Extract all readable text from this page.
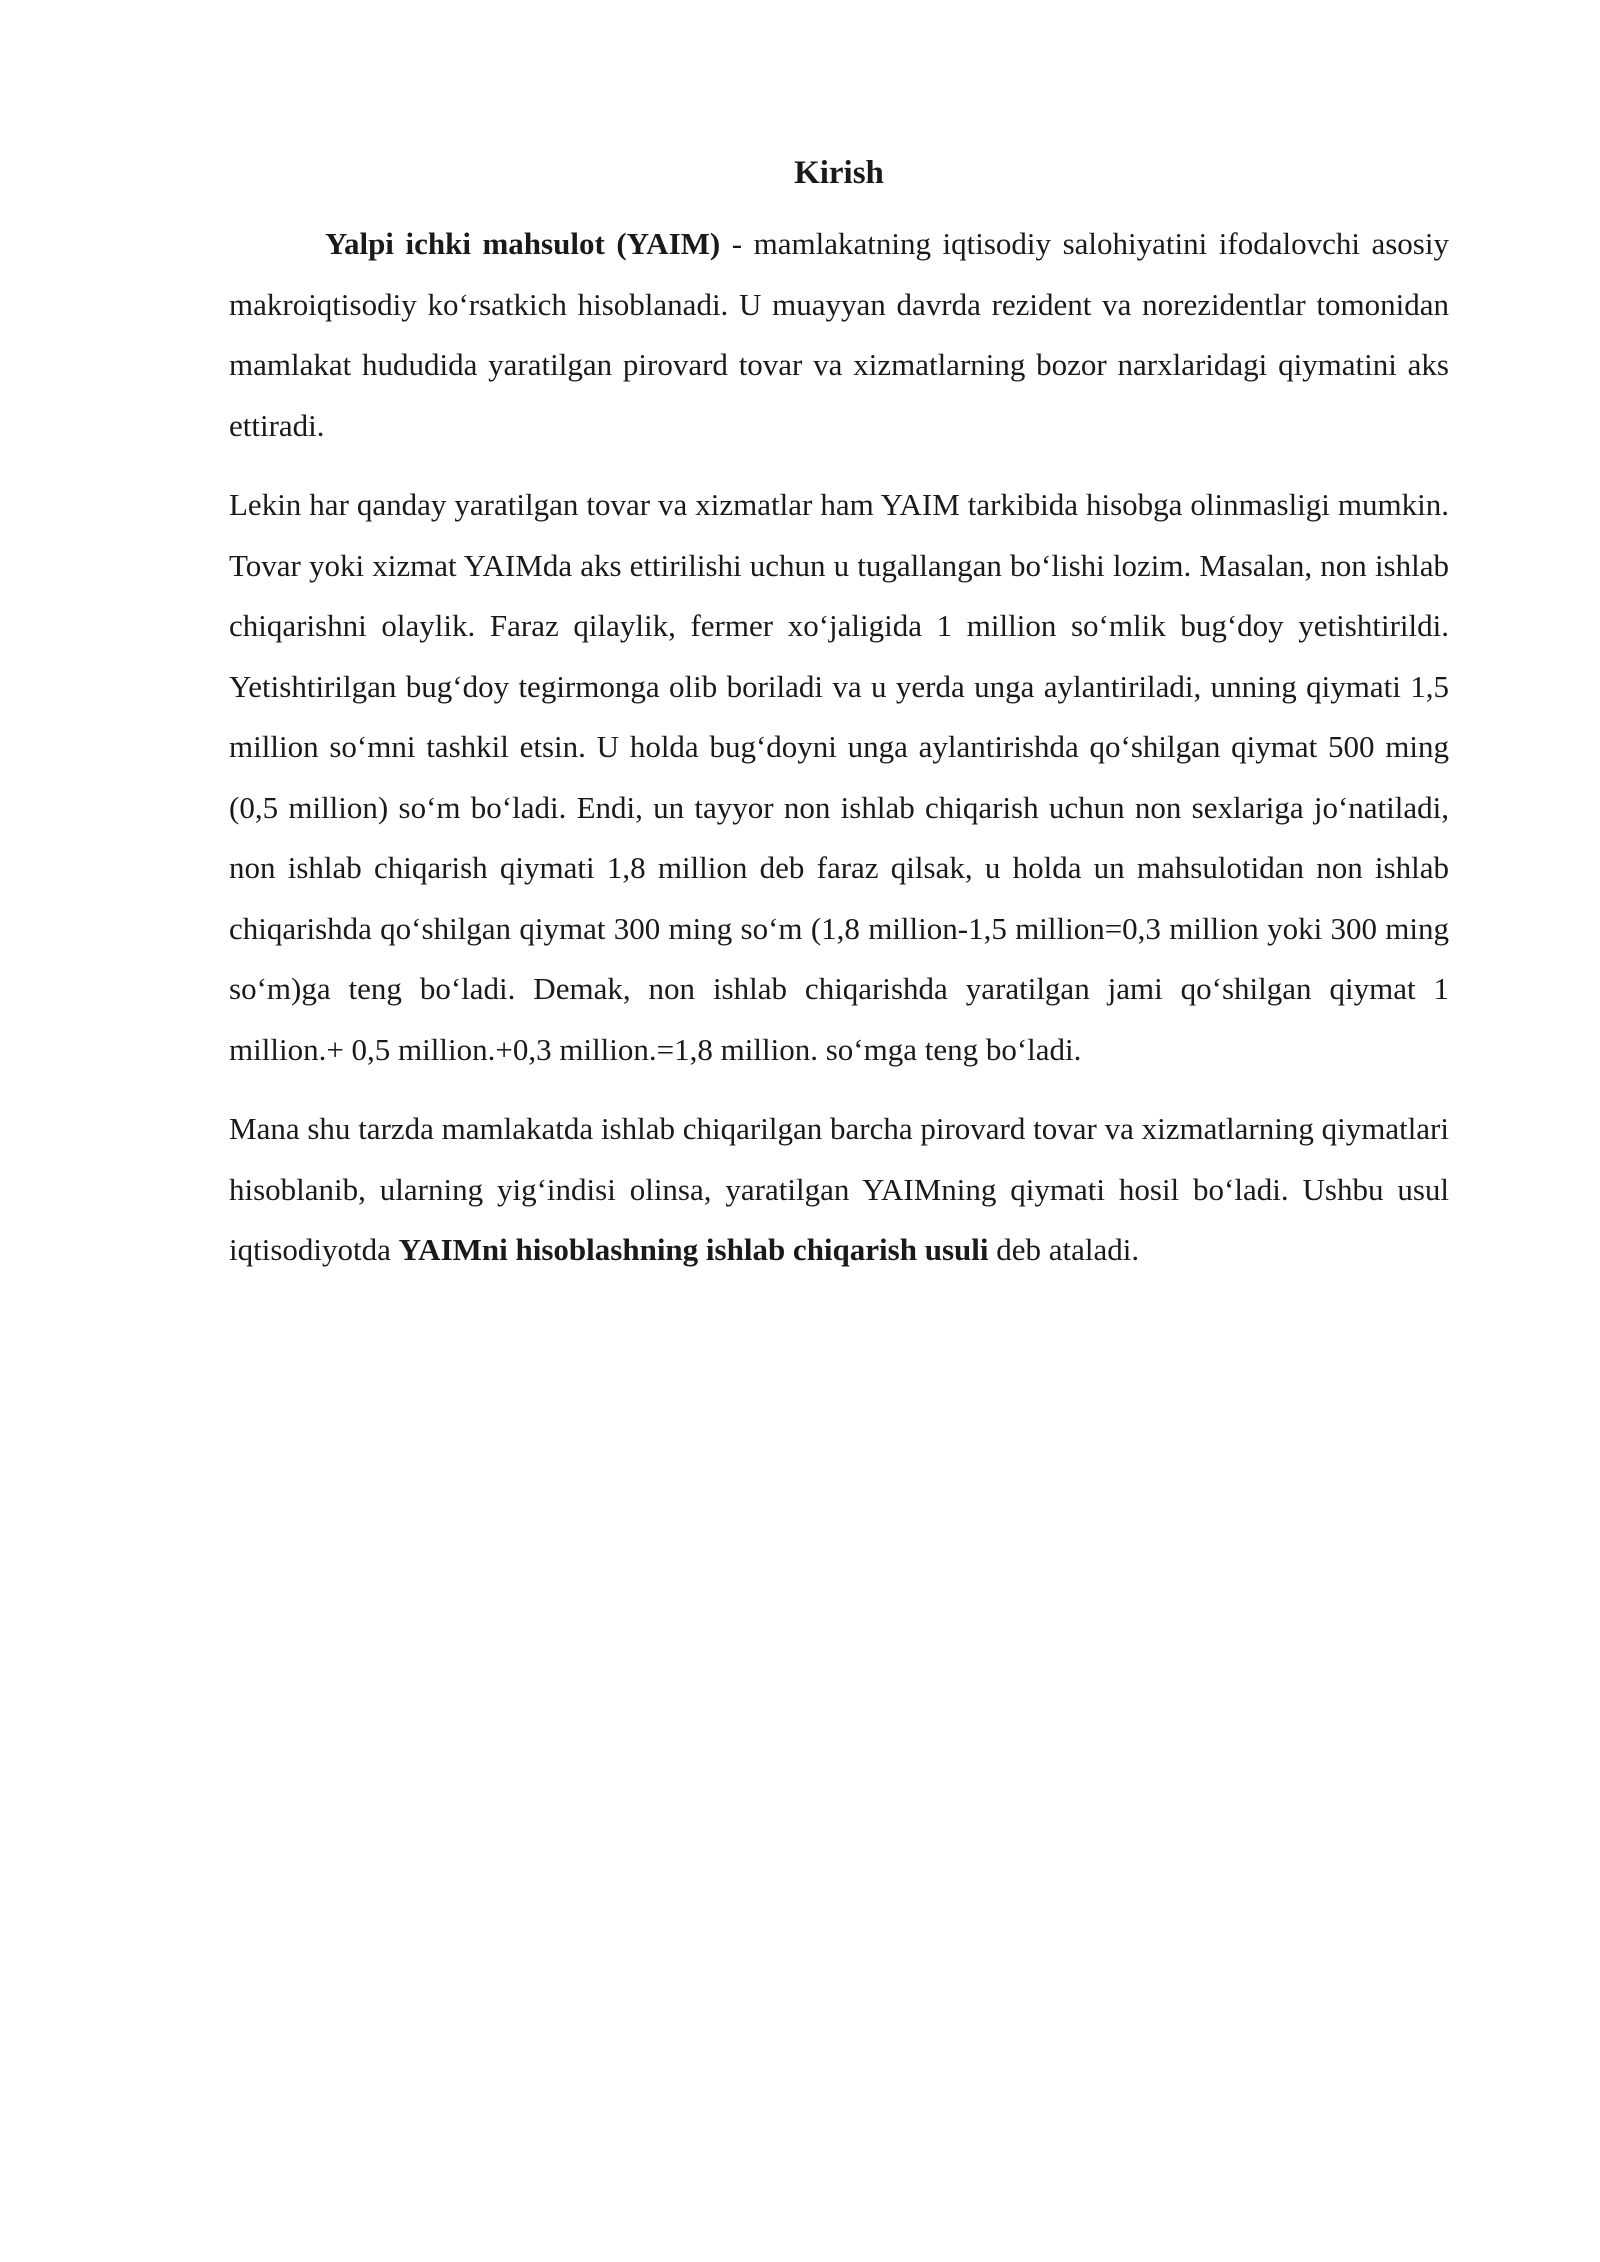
Kirish

Yalpi ichki mahsulot (YAIM) - mamlakatning iqtisodiy salohiyatini ifodalovchi asosiy makroiqtisodiy ko‘rsatkich hisoblanadi. U muayyan davrda rezident va norezidentlar tomonidan mamlakat hududida yaratilgan pirovard tovar va xizmatlarning bozor narxlaridagi qiymatini aks ettiradi.

Lekin har qanday yaratilgan tovar va xizmatlar ham YAIM tarkibida hisobga olinmasligi mumkin. Tovar yoki xizmat YAIMda aks ettirilishi uchun u tugallangan bo‘lishi lozim. Masalan, non ishlab chiqarishni olaylik. Faraz qilaylik, fermer xo‘jaligida 1 million so‘mlik bug‘doy yetishtirildi. Yetishtirilgan bug‘doy tegirmonga olib boriladi va u yerda unga aylantiriladi, unning qiymati 1,5 million so‘mni tashkil etsin. U holda bug‘doyni unga aylantirishda qo‘shilgan qiymat 500 ming (0,5 million) so‘m bo‘ladi. Endi, un tayyor non ishlab chiqarish uchun non sexlariga jo‘natiladi, non ishlab chiqarish qiymati 1,8 million deb faraz qilsak, u holda un mahsulotidan non ishlab chiqarishda qo‘shilgan qiymat 300 ming so‘m (1,8 million-1,5 million=0,3 million yoki 300 ming so‘m)ga teng bo‘ladi. Demak, non ishlab chiqarishda yaratilgan jami qo‘shilgan qiymat 1 million.+ 0,5 million.+0,3 million.=1,8 million. so‘mga teng bo‘ladi.

Mana shu tarzda mamlakatda ishlab chiqarilgan barcha pirovard tovar va xizmatlarning qiymatlari hisoblanib, ularning yig‘indisi olinsa, yaratilgan YAIMning qiymati hosil bo‘ladi. Ushbu usul iqtisodiyotda YAIMni hisoblashning ishlab chiqarish usuli deb ataladi.
